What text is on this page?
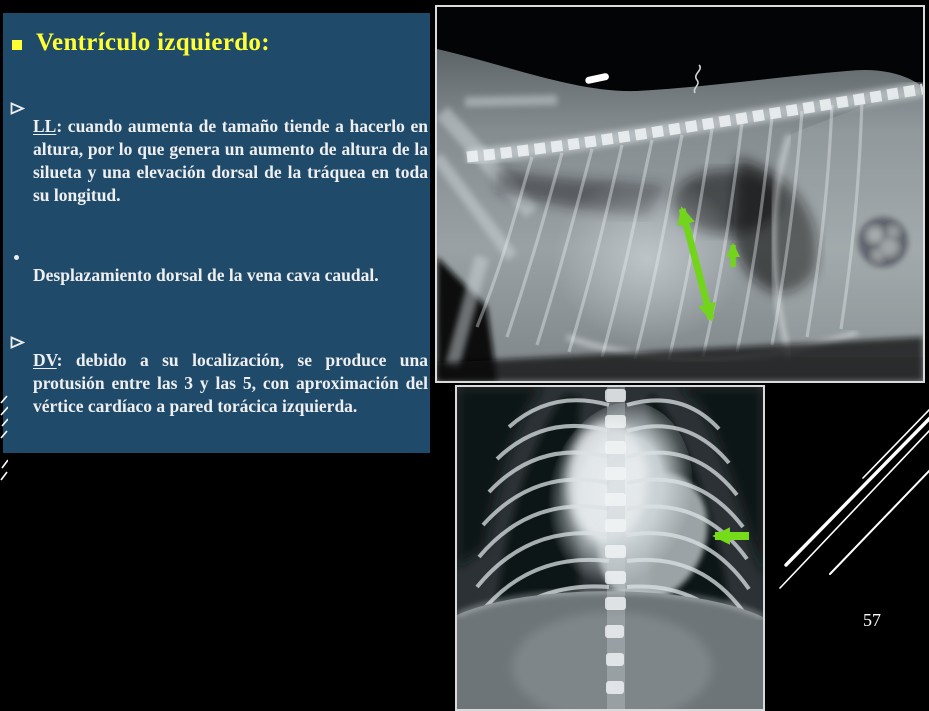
Ventrículo izquierdo:

LL: cuando aumenta de tamaño tiende a hacerlo en altura, por lo que genera un aumento de altura de la silueta y una elevación dorsal de la tráquea en toda su longitud.

Desplazamiento dorsal de la vena cava caudal.

DV: debido a su localización, se produce una protusión entre las 3 y las 5, con aproximación del vértice cardíaco a pared torácica izquierda.

57
